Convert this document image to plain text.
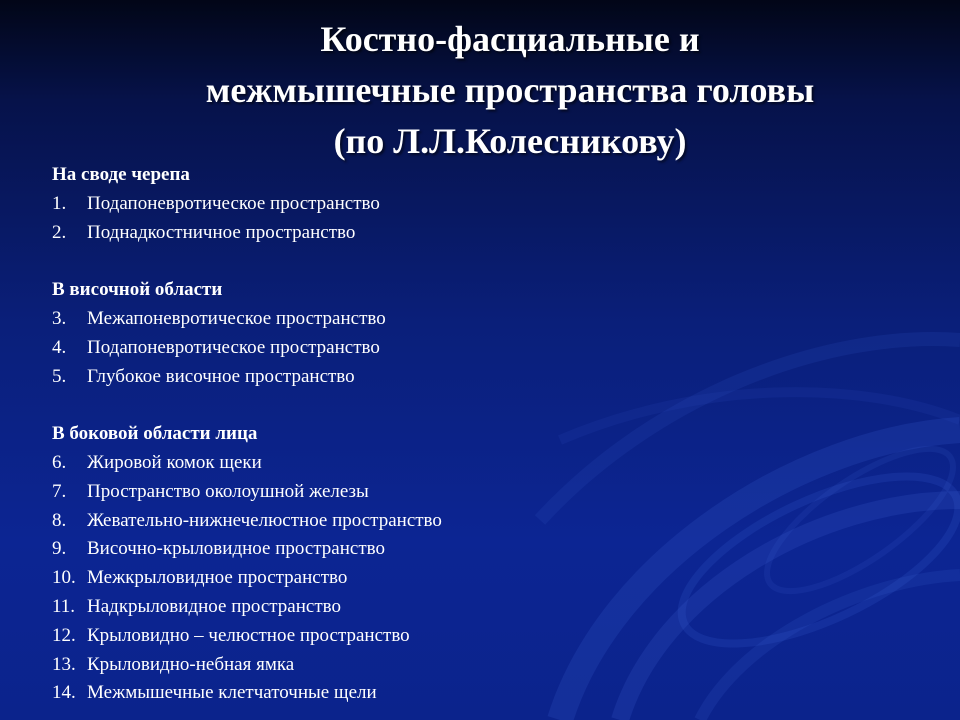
Костно-фасциальные и
межмышечные пространства головы
(по Л.Л.Колесникову)
На своде черепа
1.	Подапоневротическое пространство
2.	Поднадкостничное пространство
В височной области
3.	Межапоневротическое пространство
4.	Подапоневротическое пространство
5.	Глубокое височное пространство
В боковой области лица
6.	Жировой комок щеки
7.	Пространство околоушной железы
8.	Жевательно-нижнечелюстное пространство
9.	Височно-крыловидное пространство
10. Межкрыловидное пространство
11. Надкрыловидное пространство
12. Крыловидно – челюстное пространство
13. Крыловидно-небная ямка
14. Межмышечные клетчаточные щели
